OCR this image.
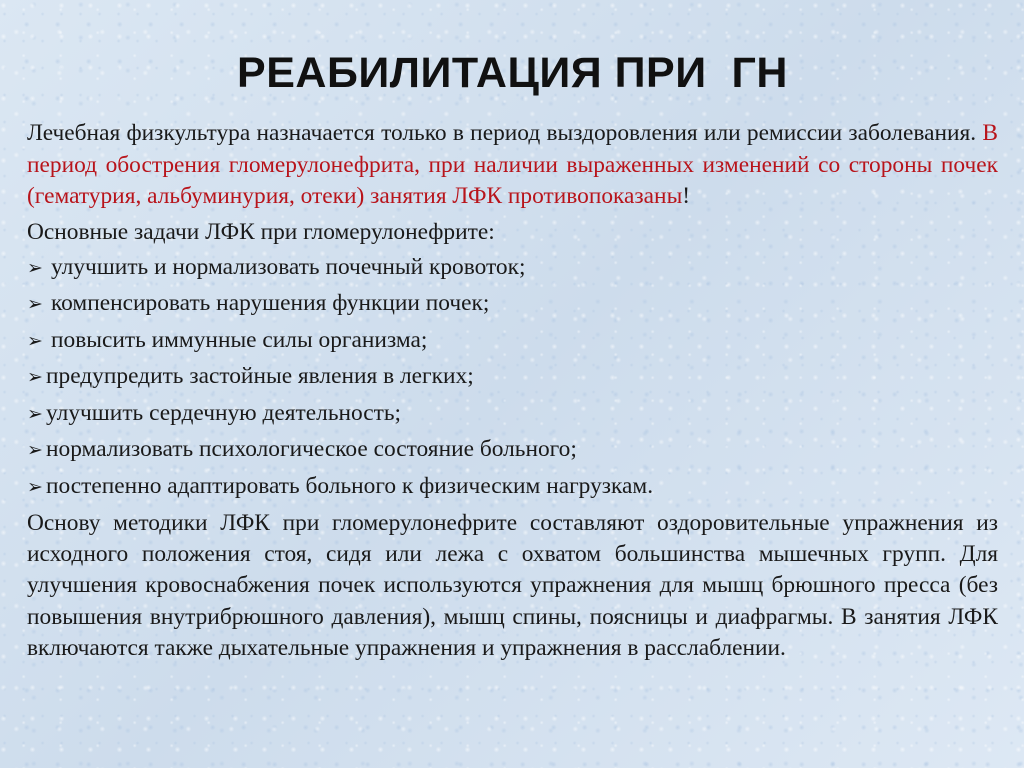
РЕАБИЛИТАЦИЯ ПРИ  ГН

Лечебная физкультура назначается только в период выздоровления или ремиссии заболевания. В период обострения гломерулонефрита, при наличии выраженных изменений со стороны почек (гематурия, альбуминурия, отеки) занятия ЛФК противопоказаны!

Основные задачи ЛФК при гломерулонефрите:

➢ улучшить и нормализовать почечный кровоток;
➢ компенсировать нарушения функции почек;
➢ повысить иммунные силы организма;
➢ предупредить застойные явления в легких;
➢ улучшить сердечную деятельность;
➢ нормализовать психологическое состояние больного;
➢ постепенно адаптировать больного к физическим нагрузкам.

Основу методики ЛФК при гломерулонефрите составляют оздоровительные упражнения из исходного положения стоя, сидя или лежа с охватом большинства мышечных групп. Для улучшения кровоснабжения почек используются упражнения для мышц брюшного пресса (без повышения внутрибрюшного давления), мышц спины, поясницы и диафрагмы. В занятия ЛФК включаются также дыхательные упражнения и упражнения в расслаблении.
